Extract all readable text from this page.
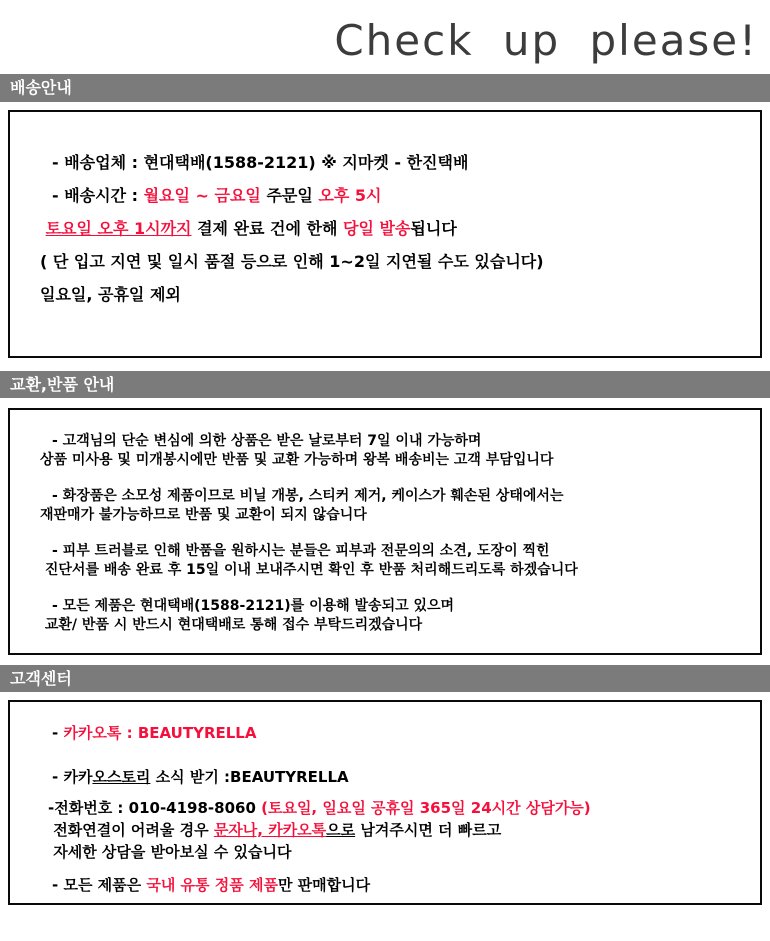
Check up please!
배송안내
- 배송업체 : 현대택배(1588-2121) ※ 지마켓 - 한진택배
- 배송시간 : 월요일 ~ 금요일 주문일 오후 5시
토요일 오후 1시까지 결제 완료 건에 한해 당일 발송됩니다
( 단 입고 지연 및 일시 품절 등으로 인해 1~2일 지연될 수도 있습니다)
일요일, 공휴일 제외
교환,반품 안내
- 고객님의 단순 변심에 의한 상품은 받은 날로부터 7일 이내 가능하며
상품 미사용 및 미개봉시에만 반품 및 교환 가능하며 왕복 배송비는 고객 부담입니다
- 화장품은 소모성 제품이므로 비닐 개봉, 스티커 제거, 케이스가 훼손된 상태에서는
재판매가 불가능하므로 반품 및 교환이 되지 않습니다
- 피부 트러블로 인해 반품을 원하시는 분들은 피부과 전문의의 소견, 도장이 찍힌
진단서를 배송 완료 후 15일 이내 보내주시면 확인 후 반품 처리해드리도록 하겠습니다
- 모든 제품은 현대택배(1588-2121)를 이용해 발송되고 있으며
교환/ 반품 시 반드시 현대택배로 통해 접수 부탁드리겠습니다
고객센터
- 카카오톡 : BEAUTYRELLA
- 카카오스토리 소식 받기 :BEAUTYRELLA
-전화번호 : 010-4198-8060 (토요일, 일요일 공휴일 365일 24시간 상담가능)
전화연결이 어려울 경우 문자나, 카카오톡으로 남겨주시면 더 빠르고
자세한 상담을 받아보실 수 있습니다
- 모든 제품은 국내 유통 정품 제품만 판매합니다
